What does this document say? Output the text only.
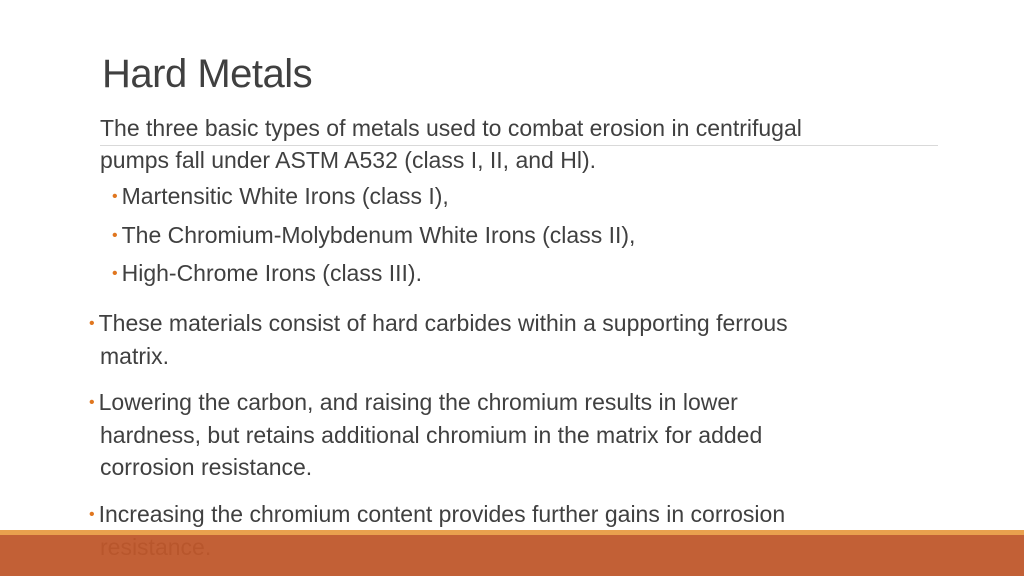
Hard Metals
The three basic types of metals used to combat erosion in centrifugal
pumps fall under ASTM A532 (class I, II, and Hl).
• Martensitic White Irons (class I),
• The Chromium-Molybdenum White Irons (class II),
• High-Chrome Irons (class III).
• These materials consist of hard carbides within a supporting ferrous
matrix.
• Lowering the carbon, and raising the chromium results in lower
hardness, but retains additional chromium in the matrix for added
corrosion resistance.
• Increasing the chromium content provides further gains in corrosion
